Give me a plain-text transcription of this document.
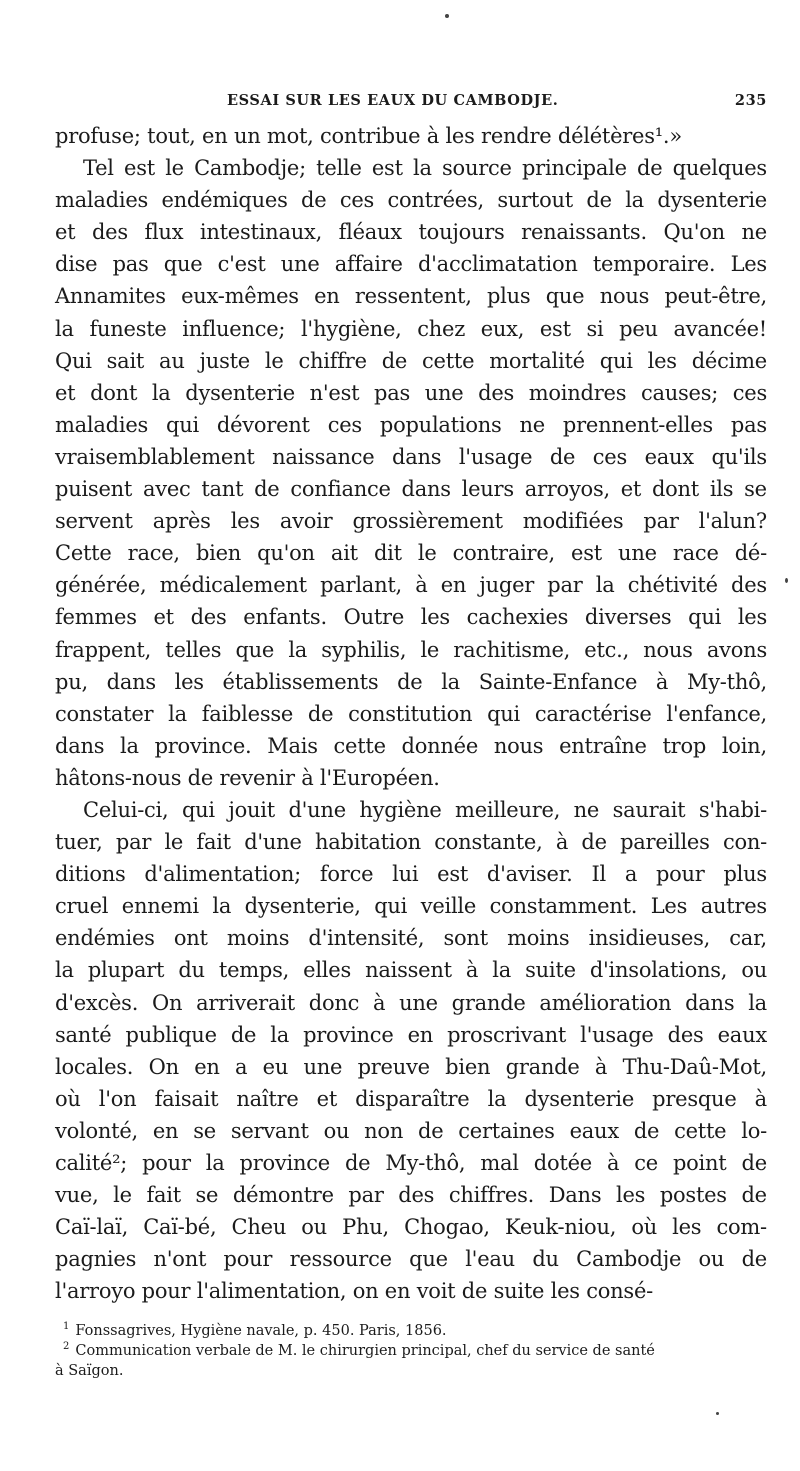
ESSAI SUR LES EAUX DU CAMBODJE.	235
profuse; tout, en un mot, contribue à les rendre délétères¹.»
Tel est le Cambodje; telle est la source principale de quelques
maladies endémiques de ces contrées, surtout de la dysenterie
et des flux intestinaux, fléaux toujours renaissants. Qu'on ne
dise pas que c'est une affaire d'acclimatation temporaire. Les
Annamites eux-mêmes en ressentent, plus que nous peut-être,
la funeste influence; l'hygiène, chez eux, est si peu avancée!
Qui sait au juste le chiffre de cette mortalité qui les décime
et dont la dysenterie n'est pas une des moindres causes; ces
maladies qui dévorent ces populations ne prennent-elles pas
vraisemblablement naissance dans l'usage de ces eaux qu'ils
puisent avec tant de confiance dans leurs arroyos, et dont ils se
servent après les avoir grossièrement modifiées par l'alun?
Cette race, bien qu'on ait dit le contraire, est une race dé-
générée, médicalement parlant, à en juger par la chétivité des
femmes et des enfants. Outre les cachexies diverses qui les
frappent, telles que la syphilis, le rachitisme, etc., nous avons
pu, dans les établissements de la Sainte-Enfance à My-thô,
constater la faiblesse de constitution qui caractérise l'enfance,
dans la province. Mais cette donnée nous entraîne trop loin,
hâtons-nous de revenir à l'Européen.
Celui-ci, qui jouit d'une hygiène meilleure, ne saurait s'habi-
tuer, par le fait d'une habitation constante, à de pareilles con-
ditions d'alimentation; force lui est d'aviser. Il a pour plus
cruel ennemi la dysenterie, qui veille constamment. Les autres
endémies ont moins d'intensité, sont moins insidieuses, car,
la plupart du temps, elles naissent à la suite d'insolations, ou
d'excès. On arriverait donc à une grande amélioration dans la
santé publique de la province en proscrivant l'usage des eaux
locales. On en a eu une preuve bien grande à Thu-Daû-Mot,
où l'on faisait naître et disparaître la dysenterie presque à
volonté, en se servant ou non de certaines eaux de cette lo-
calité²; pour la province de My-thô, mal dotée à ce point de
vue, le fait se démontre par des chiffres. Dans les postes de
Caï-laï, Caï-bé, Cheu ou Phu, Chogao, Keuk-niou, où les com-
pagnies n'ont pour ressource que l'eau du Cambodje ou de
l'arroyo pour l'alimentation, on en voit de suite les consé-
$^1$ Fonssagrives, Hygiène navale, p. 450. Paris, 1856.
$^2$ Communication verbale de M. le chirurgien principal, chef du service de santé
à Saïgon.
